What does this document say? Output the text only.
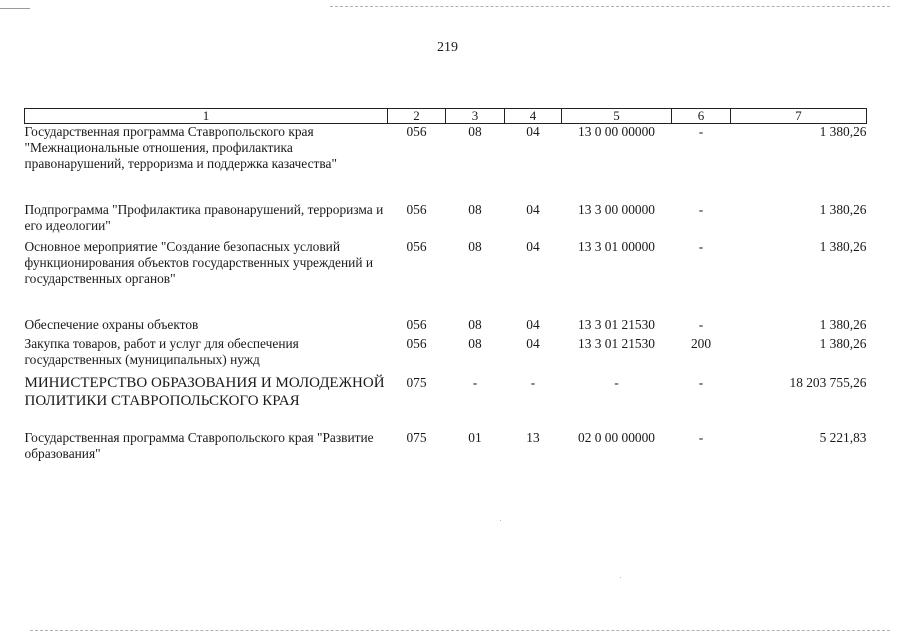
219
1	2	3	4	5	6	7
Государственная программа Ставропольского края "Межнациональные отношения, профилактика правонарушений, терроризма и поддержка казачества"	056	08	04	13 0 00 00000	-	1 380,26
Подпрограмма "Профилактика правонарушений, терроризма и его идеологии"	056	08	04	13 3 00 00000	-	1 380,26
Основное мероприятие "Создание безопасных условий функционирования объектов государственных учреждений и государственных органов"	056	08	04	13 3 01 00000	-	1 380,26
Обеспечение охраны объектов	056	08	04	13 3 01 21530	-	1 380,26
Закупка товаров, работ и услуг для обеспечения государственных (муниципальных) нужд	056	08	04	13 3 01 21530	200	1 380,26
МИНИСТЕРСТВО ОБРАЗОВАНИЯ И МОЛОДЕЖНОЙ ПОЛИТИКИ СТАВРОПОЛЬСКОГО КРАЯ	075	-	-	-	-	18 203 755,26

Государственная программа Ставропольского края "Развитие образования"	075	01	13	02 0 00 00000	-	5 221,83
